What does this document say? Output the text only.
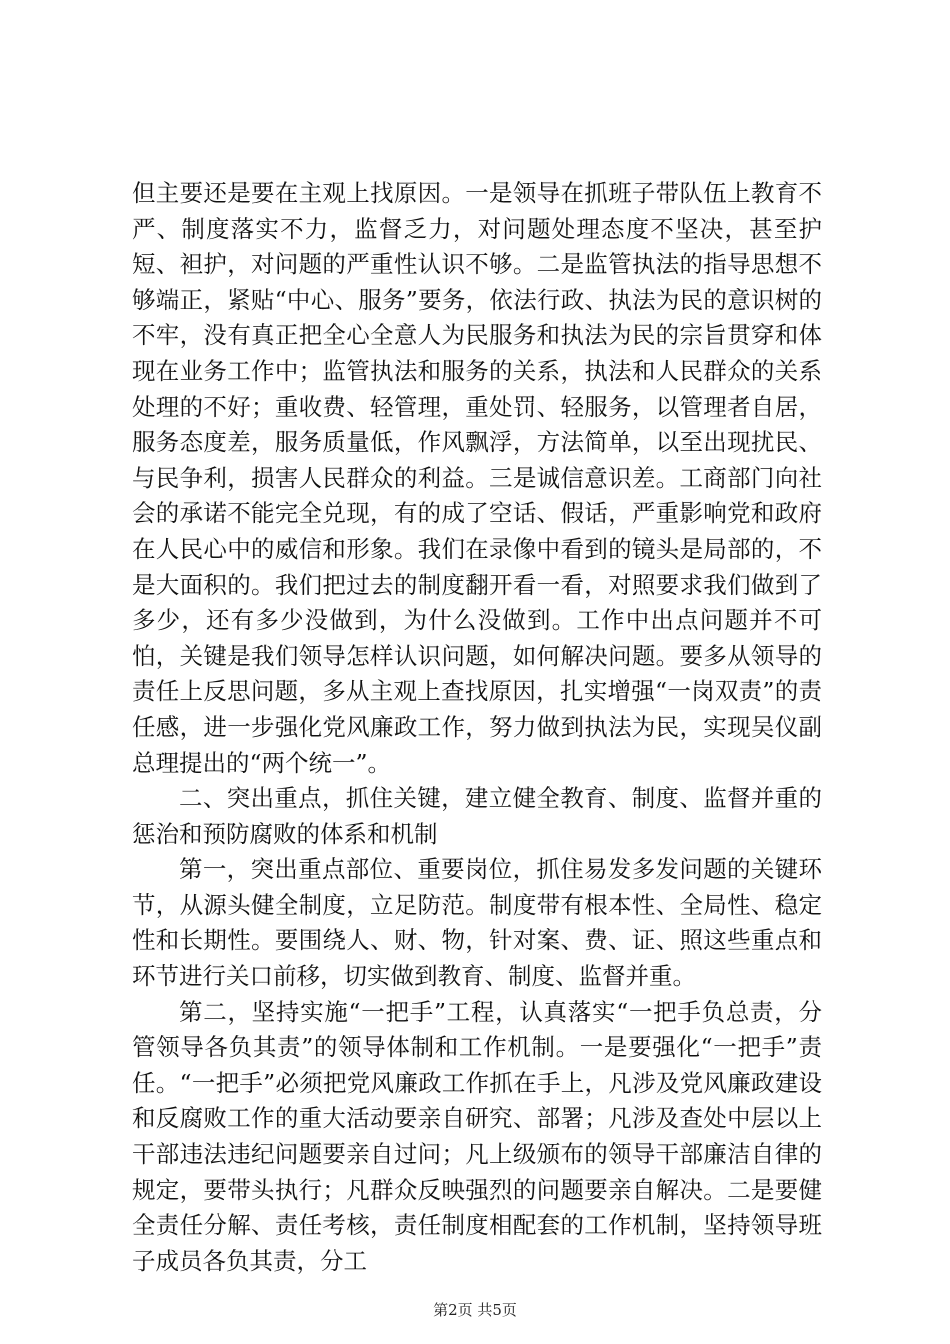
但主要还是要在主观上找原因。一是领导在抓班子带队伍上教育不严、制度落实不力，监督乏力，对问题处理态度不坚决，甚至护短、袒护，对问题的严重性认识不够。二是监管执法的指导思想不够端正，紧贴“中心、服务”要务，依法行政、执法为民的意识树的不牢，没有真正把全心全意人为民服务和执法为民的宗旨贯穿和体现在业务工作中；监管执法和服务的关系，执法和人民群众的关系处理的不好；重收费、轻管理，重处罚、轻服务，以管理者自居，服务态度差，服务质量低，作风飘浮，方法简单，以至出现扰民、与民争利，损害人民群众的利益。三是诚信意识差。工商部门向社会的承诺不能完全兑现，有的成了空话、假话，严重影响党和政府在人民心中的威信和形象。我们在录像中看到的镜头是局部的，不是大面积的。我们把过去的制度翻开看一看，对照要求我们做到了多少，还有多少没做到，为什么没做到。工作中出点问题并不可怕，关键是我们领导怎样认识问题，如何解决问题。要多从领导的责任上反思问题，多从主观上查找原因，扎实增强“一岗双责”的责任感，进一步强化党风廉政工作，努力做到执法为民，实现吴仪副总理提出的“两个统一”。

二、突出重点，抓住关键，建立健全教育、制度、监督并重的惩治和预防腐败的体系和机制

第一，突出重点部位、重要岗位，抓住易发多发问题的关键环节，从源头健全制度，立足防范。制度带有根本性、全局性、稳定性和长期性。要围绕人、财、物，针对案、费、证、照这些重点和环节进行关口前移，切实做到教育、制度、监督并重。

第二，坚持实施“一把手”工程，认真落实“一把手负总责，分管领导各负其责”的领导体制和工作机制。一是要强化“一把手”责任。“一把手”必须把党风廉政工作抓在手上，凡涉及党风廉政建设和反腐败工作的重大活动要亲自研究、部署；凡涉及查处中层以上干部违法违纪问题要亲自过问；凡上级颁布的领导干部廉洁自律的规定，要带头执行；凡群众反映强烈的问题要亲自解决。二是要健全责任分解、责任考核，责任制度相配套的工作机制，坚持领导班子成员各负其责，分工

第2页 共5页
